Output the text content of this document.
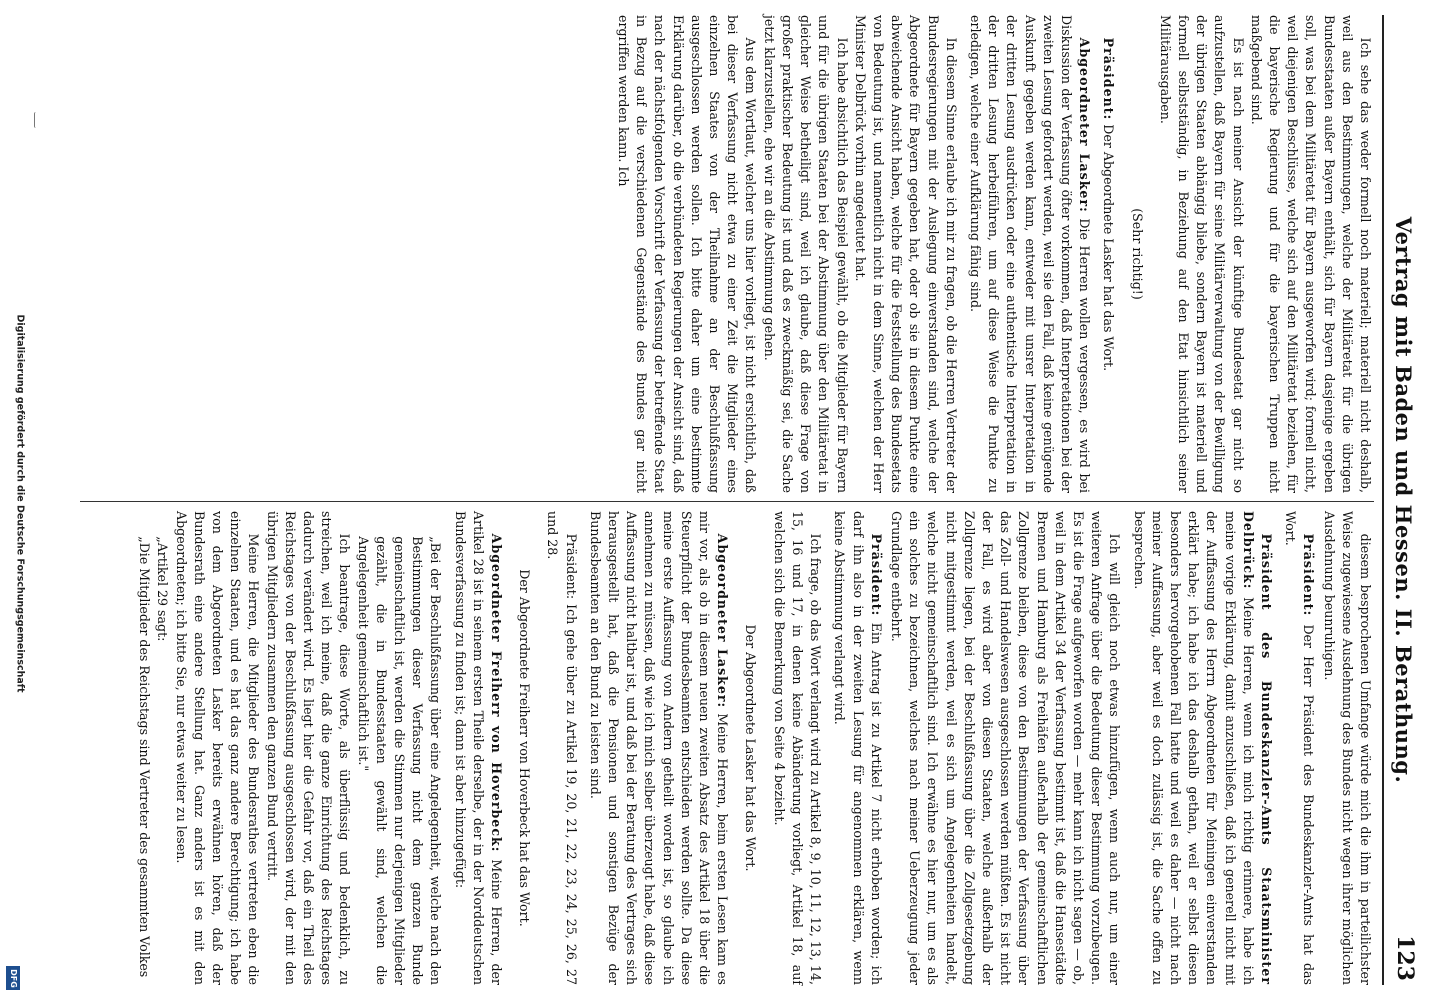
Digitalisierung gefördert durch die Deutsche Forschungsgemeinschaft
DFG
Vertrag mit Baden und Hessen. II. Berathung.
123

Ich sehe das weder formell noch materiell; materiell nicht deshalb, weil aus den Bestimmungen, welche der Militäretat für die übrigen Bundesstaaten außer Bayern enthält, sich für Bayern dasjenige ergeben soll, was bei dem Militäretat für Bayern ausgeworfen wird; formell nicht, weil diejenigen Beschlüsse, welche sich auf den Militäretat beziehen, für die bayerische Regierung und für die bayerischen Truppen nicht maßgebend sind.

Es ist nach meiner Ansicht der künftige Bundesetat gar nicht so aufzustellen, daß Bayern für seine Militärverwaltung von der Bewilligung der übrigen Staaten abhängig bliebe, sondern Bayern ist materiell und formell selbstständig, in Beziehung auf den Etat hinsichtlich seiner Militärausgaben.

(Sehr richtig!)

Präsident: Der Abgeordnete Lasker hat das Wort.

Abgeordneter Lasker: Die Herren wollen vergessen, es wird bei Diskussion der Verfassung öfter vorkommen, daß Interpretationen bei der zweiten Lesung gefordert werden, weil sie den Fall, daß keine genügende Auskunft gegeben werden kann, entweder mit unsrer Interpretation in der dritten Lesung ausdrücken oder eine authentische Interpretation in der dritten Lesung herbeiführen, um auf diese Weise die Punkte zu erledigen, welche einer Aufklärung fähig sind.

In diesem Sinne erlaube ich mir zu fragen, ob die Herren Vertreter der Bundesregierungen mit der Auslegung einverstanden sind, welche der Abgeordnete für Bayern gegeben hat, oder ob sie in diesem Punkte eine abweichende Ansicht haben, welche für die Feststellung des Bundesetats von Bedeutung ist, und namentlich nicht in dem Sinne, welchen der Herr Minister Delbrück vorhin angedeutet hat.

Ich habe absichtlich das Beispiel gewählt, ob die Mitglieder für Bayern und für die übrigen Staaten bei der Abstimmung über den Militäretat in gleicher Weise betheiligt sind, weil ich glaube, daß diese Frage von großer praktischer Bedeutung ist und daß es zweckmäßig sei, die Sache jetzt klarzustellen, ehe wir an die Abstimmung gehen.

Aus dem Wortlaut, welcher uns hier vorliegt, ist nicht ersichtlich, daß bei dieser Verfassung nicht etwa zu einer Zeit die Mitglieder eines einzelnen Staates von der Theilnahme an der Beschlußfassung ausgeschlossen werden sollen. Ich bitte daher um eine bestimmte Erklärung darüber, ob die verbündeten Regierungen der Ansicht sind, daß nach der nächstfolgenden Vorschrift der Verfassung der betreffende Staat in Bezug auf die verschiedenen Gegenstände des Bundes gar nicht ergriffen werden kann. Ich

diesem besprochenen Umfange würde mich die ihm in parteilichster Weise zugewiesene Ausdehnung des Bundes nicht wegen ihrer möglichen Ausdehnung beunruhigen.

Präsident: Der Herr Präsident des Bundeskanzler-Amts hat das Wort.

Präsident des Bundeskanzler-Amts Staatsminister Delbrück: Meine Herren, wenn ich mich richtig erinnere, habe ich meine vorige Erklärung, damit anzuschließen, daß ich generell nicht mit der Auffassung des Herrn Abgeordneten für Meiningen einverstanden erklärt habe; ich habe ich das deshalb gethan, weil er selbst diesen besonders hervorgehobenen Fall hatte und weil es daher — nicht nach meiner Auffassung, aber weil es doch zulässig ist, die Sache offen zu besprechen.

Ich will gleich noch etwas hinzufügen, wenn auch nur, um einer weiteren Anfrage über die Bedeutung dieser Bestimmung vorzubeugen. Es ist die Frage aufgeworfen worden — mehr kann ich nicht sagen — ob, weil in dem Artikel 34 der Verfassung bestimmt ist, daß die Hansestädte Bremen und Hamburg als Freihäfen außerhalb der gemeinschaftlichen Zollgrenze bleiben, diese von den Bestimmungen der Verfassung über das Zoll- und Handelswesen ausgeschlossen werden müßten. Es ist nicht der Fall, es wird aber von diesen Staaten, welche außerhalb der Zollgrenze liegen, bei der Beschlußfassung über die Zollgesetzgebung nicht mitgestimmt werden, weil es sich um Angelegenheiten handelt, welche nicht gemeinschaftlich sind. Ich erwähne es hier nur, um es als ein solches zu bezeichnen, welches nach meiner Ueberzeugung jeder Grundlage entbehrt.

Präsident: Ein Antrag ist zu Artikel 7 nicht erhoben worden; ich darf ihn also in der zweiten Lesung für angenommen erklären, wenn keine Abstimmung verlangt wird.

Ich frage, ob das Wort verlangt wird zu Artikel 8, 9, 10, 11, 12, 13, 14, 15, 16 und 17, in denen keine Abänderung vorliegt, Artikel 18, auf welchen sich die Bemerkung von Seite 4 bezieht.

Der Abgeordnete Lasker hat das Wort.

Abgeordneter Lasker: Meine Herren, beim ersten Lesen kam es mir vor, als ob in diesem neuen zweiten Absatz des Artikel 18 über die Steuerpflicht der Bundesbeamten entschieden werden sollte. Da diese meine erste Auffassung von Andern getheilt worden ist, so glaube ich annehmen zu müssen, daß wie ich mich selber überzeugt habe, daß diese Auffassung nicht haltbar ist, und daß bei der Beratung des Vertrages sich herausgestellt hat, daß die Pensionen und sonstigen Bezüge der Bundesbeamten an den Bund zu leisten sind.

Präsident: Ich gehe über zu Artikel 19, 20, 21, 22, 23, 24, 25, 26, 27 und 28.

Der Abgeordnete Freiherr von Hoverbeck hat das Wort.

Abgeordneter Freiherr von Hoverbeck: Meine Herren, der Artikel 28 ist in seinem ersten Theile derselbe, der in der Norddeutschen Bundesverfassung zu finden ist; dann ist aber hinzugefügt:

„Bei der Beschlußfassung über eine Angelegenheit, welche nach den Bestimmungen dieser Verfassung nicht dem ganzen Bunde gemeinschaftlich ist, werden die Stimmen nur derjenigen Mitglieder gezählt, die in Bundesstaaten gewählt sind, welchen die Angelegenheit gemeinschaftlich ist."

Ich beantrage, diese Worte, als überflüssig und bedenklich, zu streichen, weil ich meine, daß die ganze Einrichtung des Reichstages dadurch verändert wird. Es liegt hier die Gefahr vor, daß ein Theil des Reichstages von der Beschlußfassung ausgeschlossen wird, der mit den übrigen Mitgliedern zusammen den ganzen Bund vertritt.

Meine Herren, die Mitglieder des Bundesrathes vertreten eben die einzelnen Staaten, und es hat das ganz andere Berechtigung; ich habe von dem Abgeordneten Lasker bereits erwähnen hören, daß der Bundesrath eine andere Stellung hat. Ganz anders ist es mit den Abgeordneten; ich bitte Sie, nur etwas weiter zu lesen.

„Artikel 29 sagt:

„Die Mitglieder des Reichstags sind Vertreter des gesammten Volkes
